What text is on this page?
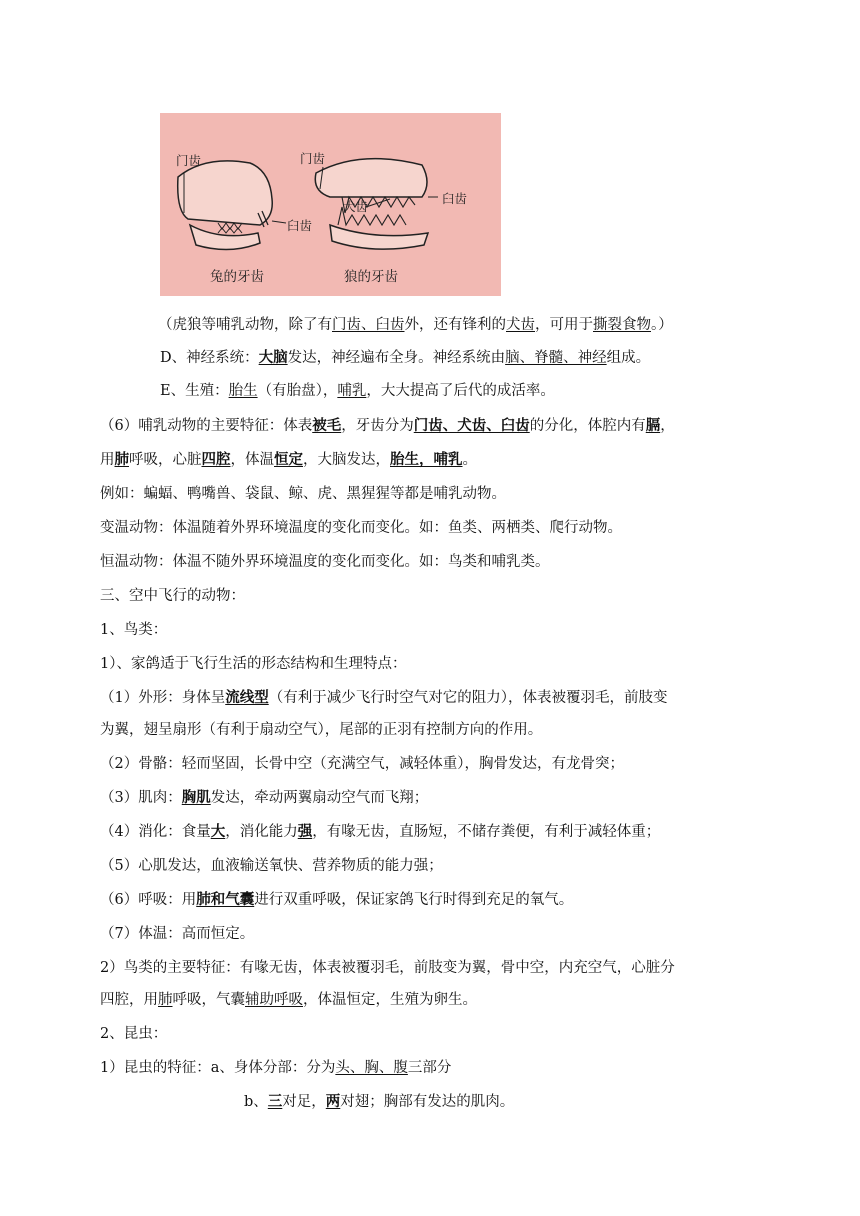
门齿
臼齿
兔的牙齿
门齿
犬齿
臼齿
狼的牙齿
（虎狼等哺乳动物，除了有门齿、臼齿外，还有锋利的犬齿，可用于撕裂食物。）
D、神经系统：大脑发达，神经遍布全身。神经系统由脑、脊髓、神经组成。
E、生殖：胎生（有胎盘），哺乳，大大提高了后代的成活率。
（6）哺乳动物的主要特征：体表被毛，牙齿分为门齿、犬齿、臼齿的分化，体腔内有膈，
用肺呼吸，心脏四腔，体温恒定，大脑发达，胎生，哺乳。
例如：蝙蝠、鸭嘴兽、袋鼠、鲸、虎、黑猩猩等都是哺乳动物。
变温动物：体温随着外界环境温度的变化而变化。如：鱼类、两栖类、爬行动物。
恒温动物：体温不随外界环境温度的变化而变化。如：鸟类和哺乳类。
三、空中飞行的动物：
1、鸟类：
1）、家鸽适于飞行生活的形态结构和生理特点：
（1）外形：身体呈流线型（有利于减少飞行时空气对它的阻力），体表被覆羽毛，前肢变
为翼，翅呈扇形（有利于扇动空气），尾部的正羽有控制方向的作用。
（2）骨骼：轻而坚固，长骨中空（充满空气，减轻体重），胸骨发达，有龙骨突；
（3）肌肉：胸肌发达，牵动两翼扇动空气而飞翔；
（4）消化：食量大，消化能力强，有喙无齿，直肠短，不储存粪便，有利于减轻体重；
（5）心肌发达，血液输送氧快、营养物质的能力强；
（6）呼吸：用肺和气囊进行双重呼吸，保证家鸽飞行时得到充足的氧气。
（7）体温：高而恒定。
2）鸟类的主要特征：有喙无齿，体表被覆羽毛，前肢变为翼，骨中空，内充空气，心脏分
四腔，用肺呼吸，气囊辅助呼吸，体温恒定，生殖为卵生。
2、昆虫：
1）昆虫的特征：a、身体分部：分为头、胸、腹三部分
b、三对足，两对翅；胸部有发达的肌肉。
